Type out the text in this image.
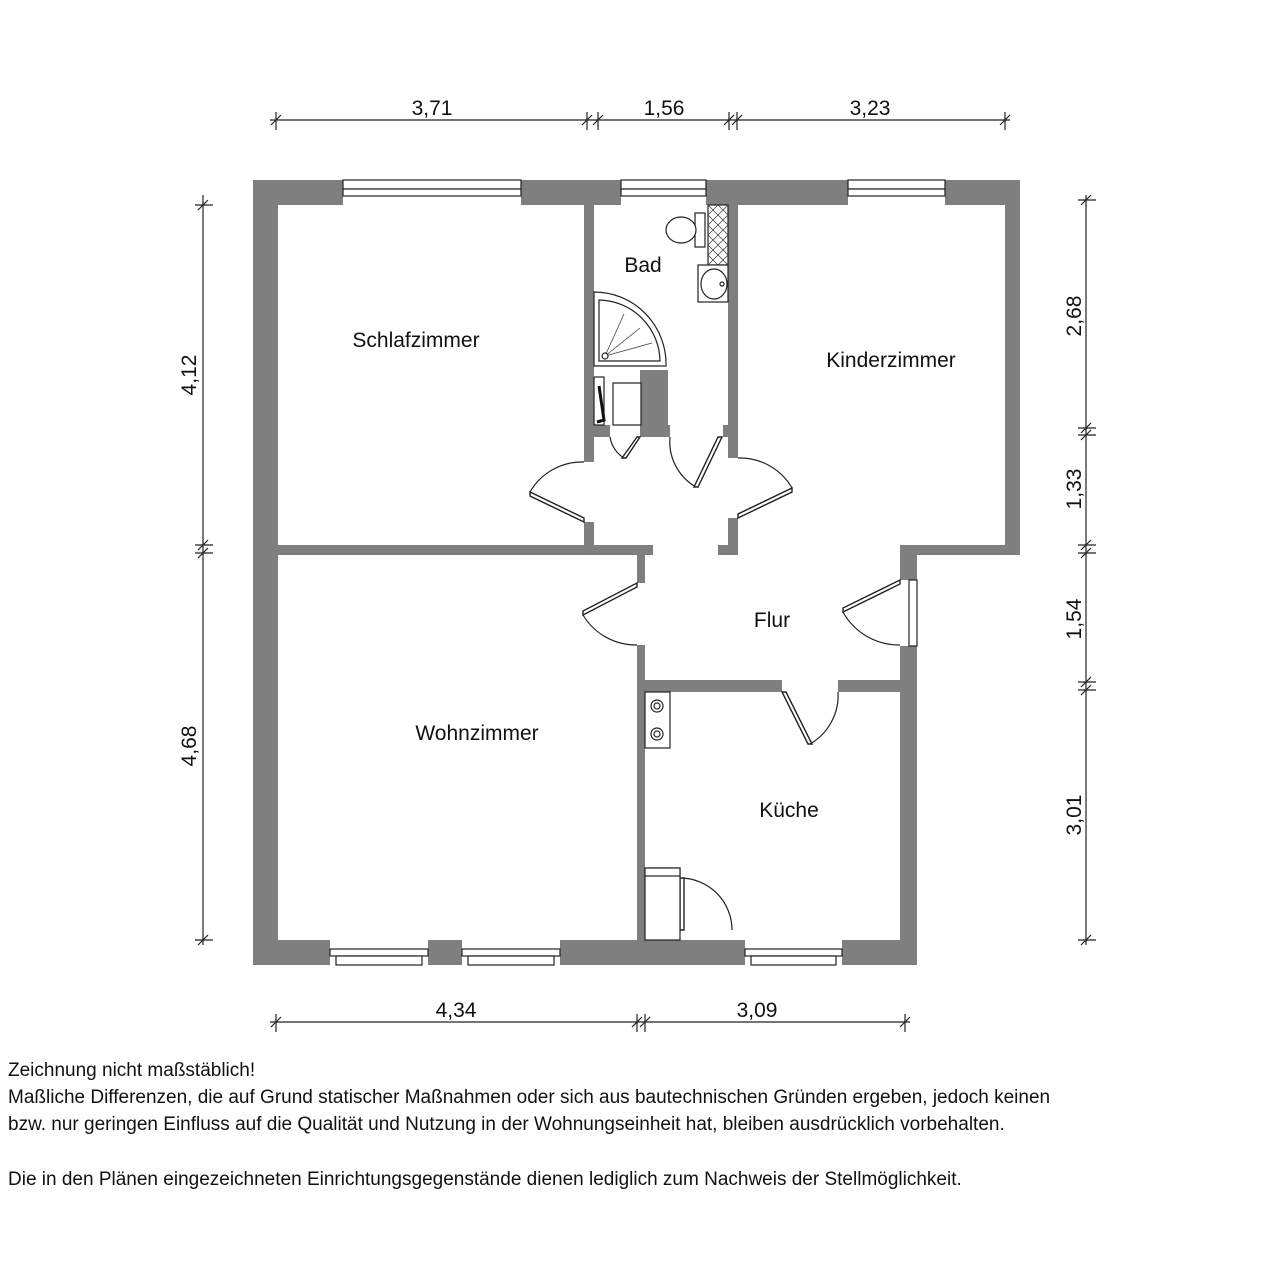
Bad
Schlafzimmer
Kinderzimmer
Flur
Wohnzimmer
Küche
3,71	1,56	3,23
4,34	3,09
4,12
4,68
2,68
1,33
1,54
3,01

Zeichnung nicht maßstäblich!

Maßliche Differenzen, die auf Grund statischer Maßnahmen oder sich aus bautechnischen Gründen ergeben, jedoch keinen

bzw. nur geringen Einfluss auf die Qualität und Nutzung in der Wohnungseinheit hat, bleiben ausdrücklich vorbehalten.

Die in den Plänen eingezeichneten Einrichtungsgegenstände dienen lediglich zum Nachweis der Stellmöglichkeit.
